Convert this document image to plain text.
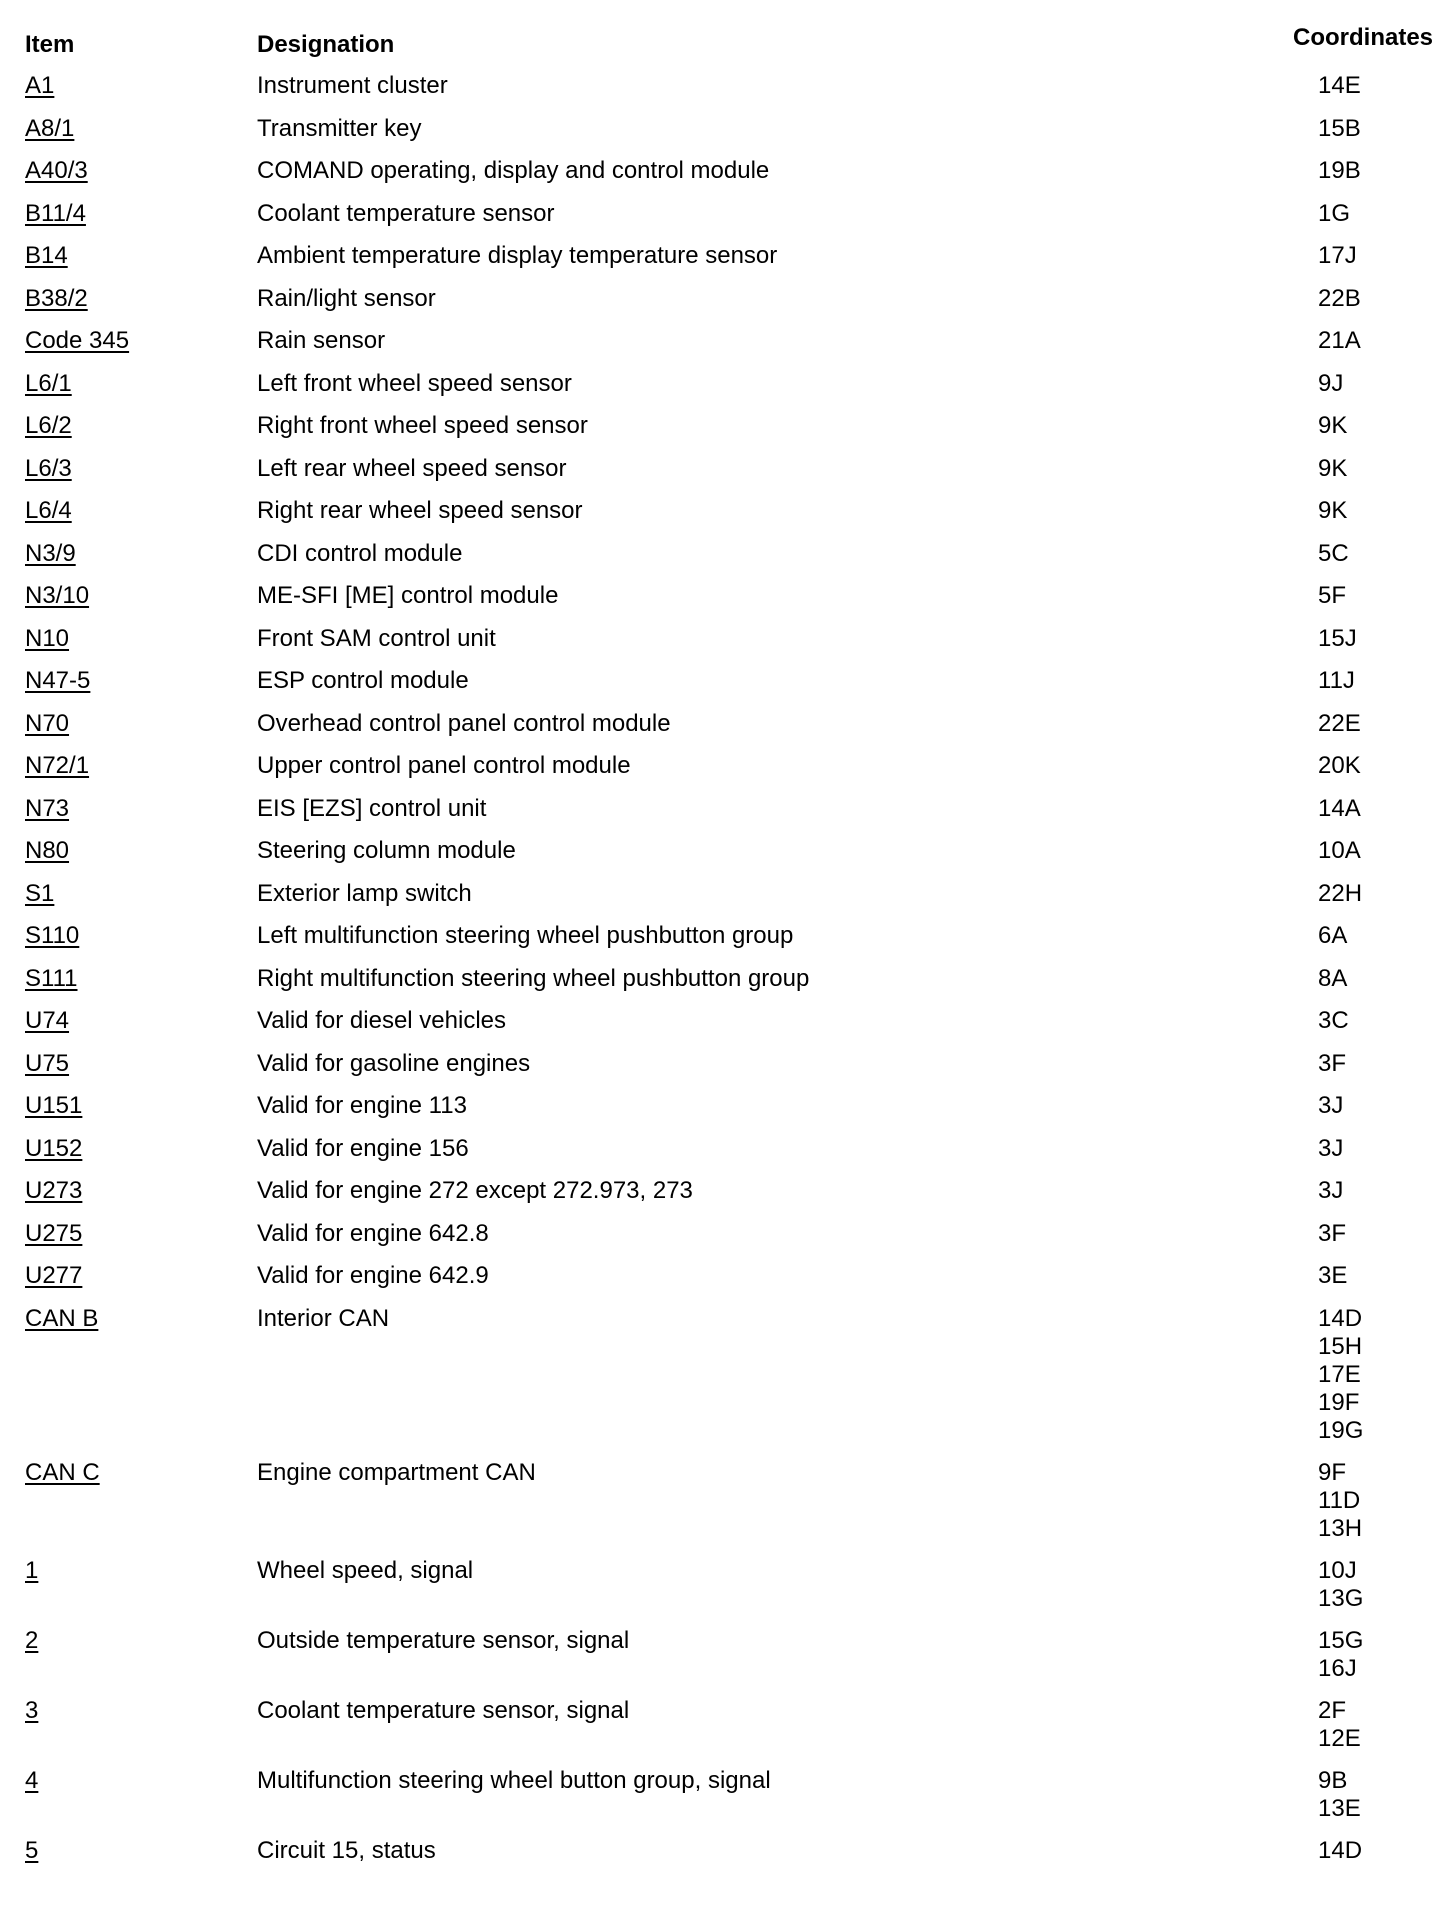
Item	Designation	Coordinates
A1	Instrument cluster	14E
A8/1	Transmitter key	15B
A40/3	COMAND operating, display and control module	19B
B11/4	Coolant temperature sensor	1G
B14	Ambient temperature display temperature sensor	17J
B38/2	Rain/light sensor	22B
Code 345	Rain sensor	21A
L6/1	Left front wheel speed sensor	9J
L6/2	Right front wheel speed sensor	9K
L6/3	Left rear wheel speed sensor	9K
L6/4	Right rear wheel speed sensor	9K
N3/9	CDI control module	5C
N3/10	ME-SFI [ME] control module	5F
N10	Front SAM control unit	15J
N47-5	ESP control module	11J
N70	Overhead control panel control module	22E
N72/1	Upper control panel control module	20K
N73	EIS [EZS] control unit	14A
N80	Steering column module	10A
S1	Exterior lamp switch	22H
S110	Left multifunction steering wheel pushbutton group	6A
S111	Right multifunction steering wheel pushbutton group	8A
U74	Valid for diesel vehicles	3C
U75	Valid for gasoline engines	3F
U151	Valid for engine 113	3J
U152	Valid for engine 156	3J
U273	Valid for engine 272 except 272.973, 273	3J
U275	Valid for engine 642.8	3F
U277	Valid for engine 642.9	3E
CAN B	Interior CAN	14D
15H
17E
19F
19G
CAN C	Engine compartment CAN	9F
11D
13H
1	Wheel speed, signal	10J
13G
2	Outside temperature sensor, signal	15G
16J
3	Coolant temperature sensor, signal	2F
12E
4	Multifunction steering wheel button group, signal	9B
13E
5	Circuit 15, status	14D
